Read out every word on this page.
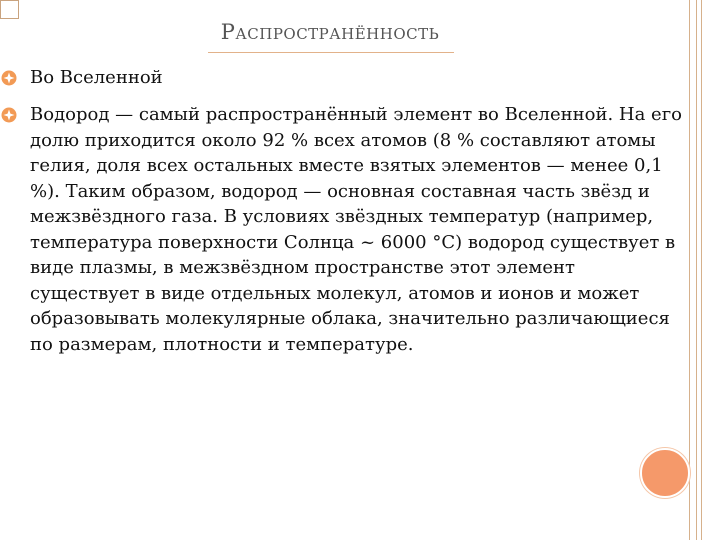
Распространённость
Во Вселенной
Водород — самый распространённый элемент во Вселенной. На его долю приходится около 92 % всех атомов (8 % составляют атомы гелия, доля всех остальных вместе взятых элементов — менее 0,1 %). Таким образом, водород — основная составная часть звёзд и межзвёздного газа. В условиях звёздных температур (например, температура поверхности Солнца ~ 6000 °C) водород существует в виде плазмы, в межзвёздном пространстве этот элемент существует в виде отдельных молекул, атомов и ионов и может образовывать молекулярные облака, значительно различающиеся по размерам, плотности и температуре.
